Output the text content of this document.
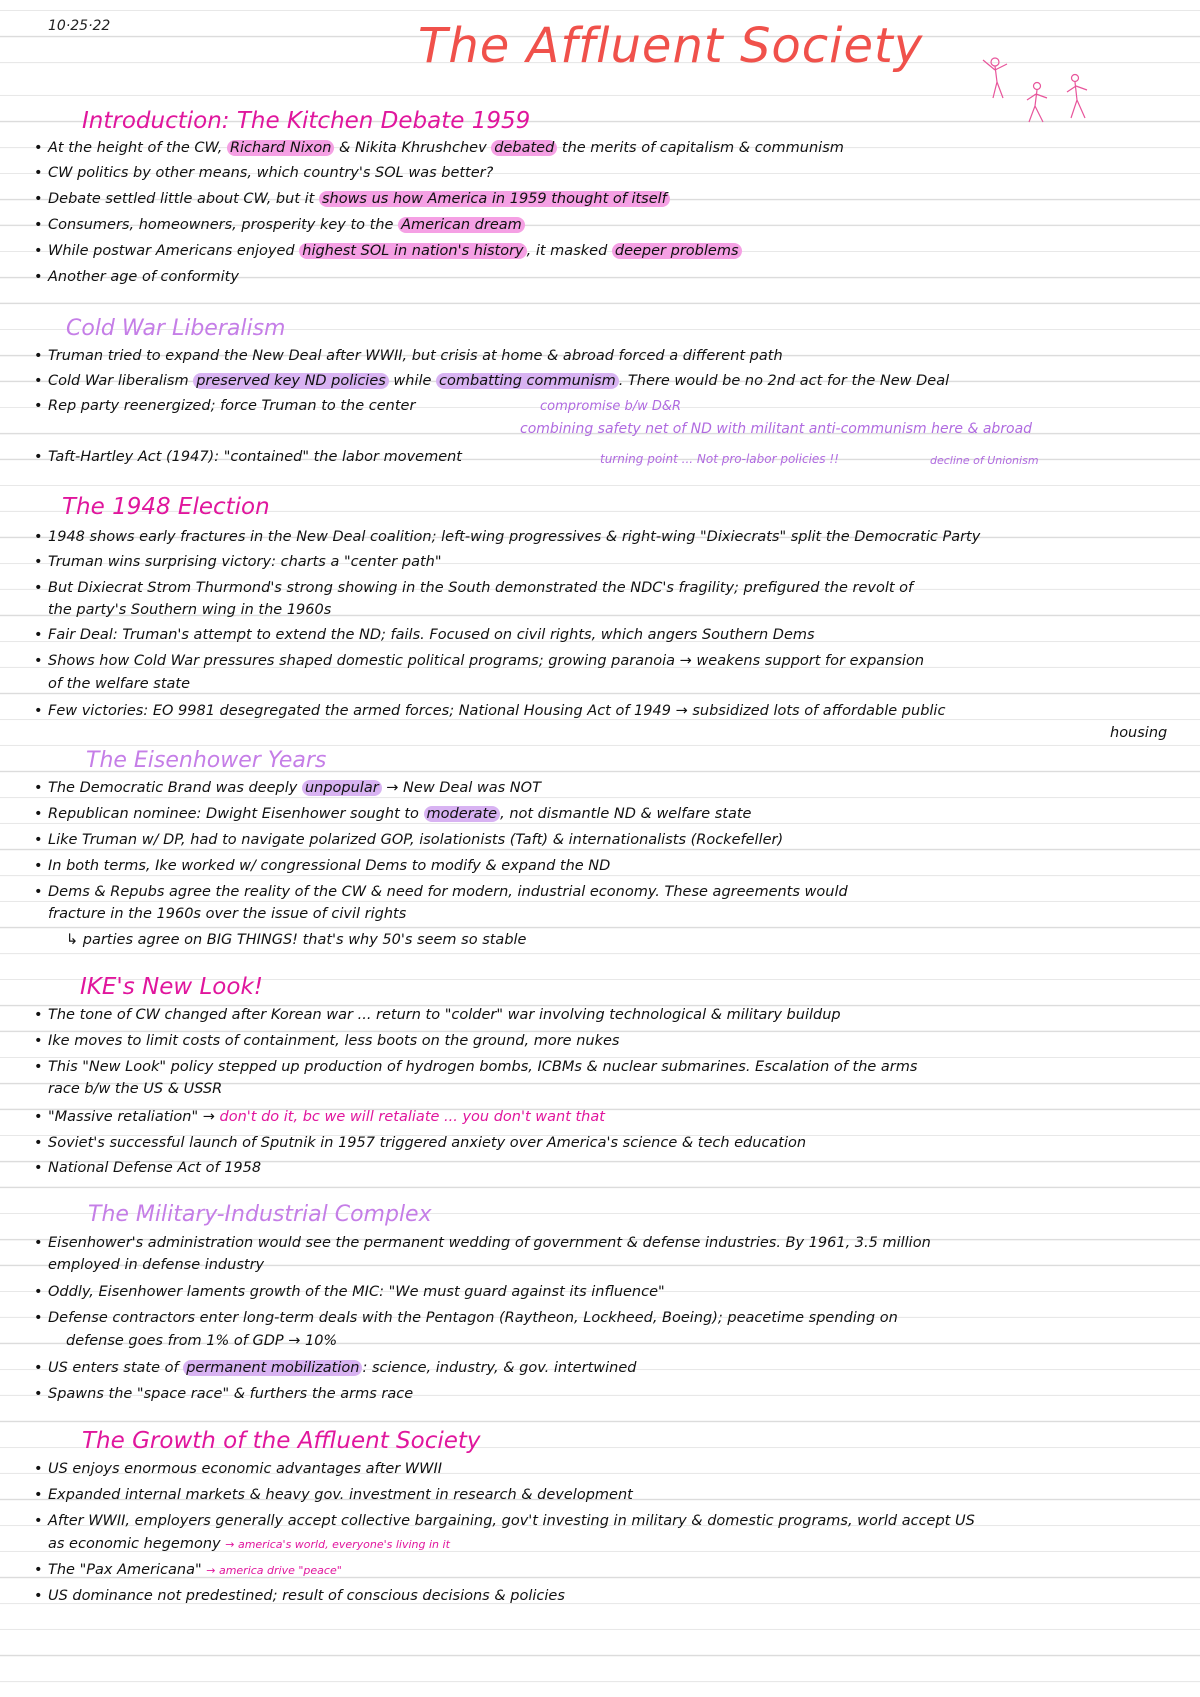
10·25·22	The Affluent Society
Introduction: The Kitchen Debate 1959
• At the height of the CW, Richard Nixon & Nikita Khrushchev debated the merits of capitalism & communism
• CW politics by other means, which country's SOL was better?
• Debate settled little about CW, but it shows us how America in 1959 thought of itself
• Consumers, homeowners, prosperity key to the American dream
• While postwar Americans enjoyed highest SOL in nation's history , it masked deeper problems
• Another age of conformity
Cold War Liberalism
• Truman tried to expand the New Deal after WWII, but crisis at home & abroad forced a different path
• Cold War liberalism preserved key ND policies while combatting communism . There would be no 2nd act for the New Deal
• Rep party reenergized; force Truman to the center	compromise b/w D&R
combining safety net of ND with militant anti-communism here & abroad
• Taft-Hartley Act (1947): "contained" the labor movement	turning point ... Not pro-labor policies !!	decline of Unionism
The 1948 Election
• 1948 shows early fractures in the New Deal coalition; left-wing progressives & right-wing "Dixiecrats" split the Democratic Party
• Truman wins surprising victory: charts a "center path"
• But Dixiecrat Strom Thurmond's strong showing in the South demonstrated the NDC's fragility; prefigured the revolt of
the party's Southern wing in the 1960s
• Fair Deal: Truman's attempt to extend the ND; fails. Focused on civil rights, which angers Southern Dems
• Shows how Cold War pressures shaped domestic political programs; growing paranoia → weakens support for expansion
of the welfare state
• Few victories: EO 9981 desegregated the armed forces; National Housing Act of 1949 → subsidized lots of affordable public
housing
The Eisenhower Years
• The Democratic Brand was deeply unpopular → New Deal was NOT
• Republican nominee: Dwight Eisenhower sought to moderate , not dismantle ND & welfare state
• Like Truman w/ DP, had to navigate polarized GOP, isolationists (Taft) & internationalists (Rockefeller)
• In both terms, Ike worked w/ congressional Dems to modify & expand the ND
• Dems & Repubs agree the reality of the CW & need for modern, industrial economy. These agreements would
fracture in the 1960s over the issue of civil rights
↳ parties agree on BIG THINGS! that's why 50's seem so stable
IKE's New Look!
• The tone of CW changed after Korean war ... return to "colder" war involving technological & military buildup
• Ike moves to limit costs of containment, less boots on the ground, more nukes
• This "New Look" policy stepped up production of hydrogen bombs, ICBMs & nuclear submarines. Escalation of the arms
race b/w the US & USSR
• "Massive retaliation" → don't do it, bc we will retaliate ... you don't want that
• Soviet's successful launch of Sputnik in 1957 triggered anxiety over America's science & tech education
• National Defense Act of 1958
The Military-Industrial Complex
• Eisenhower's administration would see the permanent wedding of government & defense industries. By 1961, 3.5 million
employed in defense industry
• Oddly, Eisenhower laments growth of the MIC: "We must guard against its influence"
• Defense contractors enter long-term deals with the Pentagon (Raytheon, Lockheed, Boeing); peacetime spending on
defense goes from 1% of GDP → 10%
• US enters state of permanent mobilization : science, industry, & gov. intertwined
• Spawns the "space race" & furthers the arms race
The Growth of the Affluent Society
• US enjoys enormous economic advantages after WWII
• Expanded internal markets & heavy gov. investment in research & development
• After WWII, employers generally accept collective bargaining, gov't investing in military & domestic programs, world accept US
as economic hegemony → america's world, everyone's living in it
• The "Pax Americana" → america drive "peace"
• US dominance not predestined; result of conscious decisions & policies
